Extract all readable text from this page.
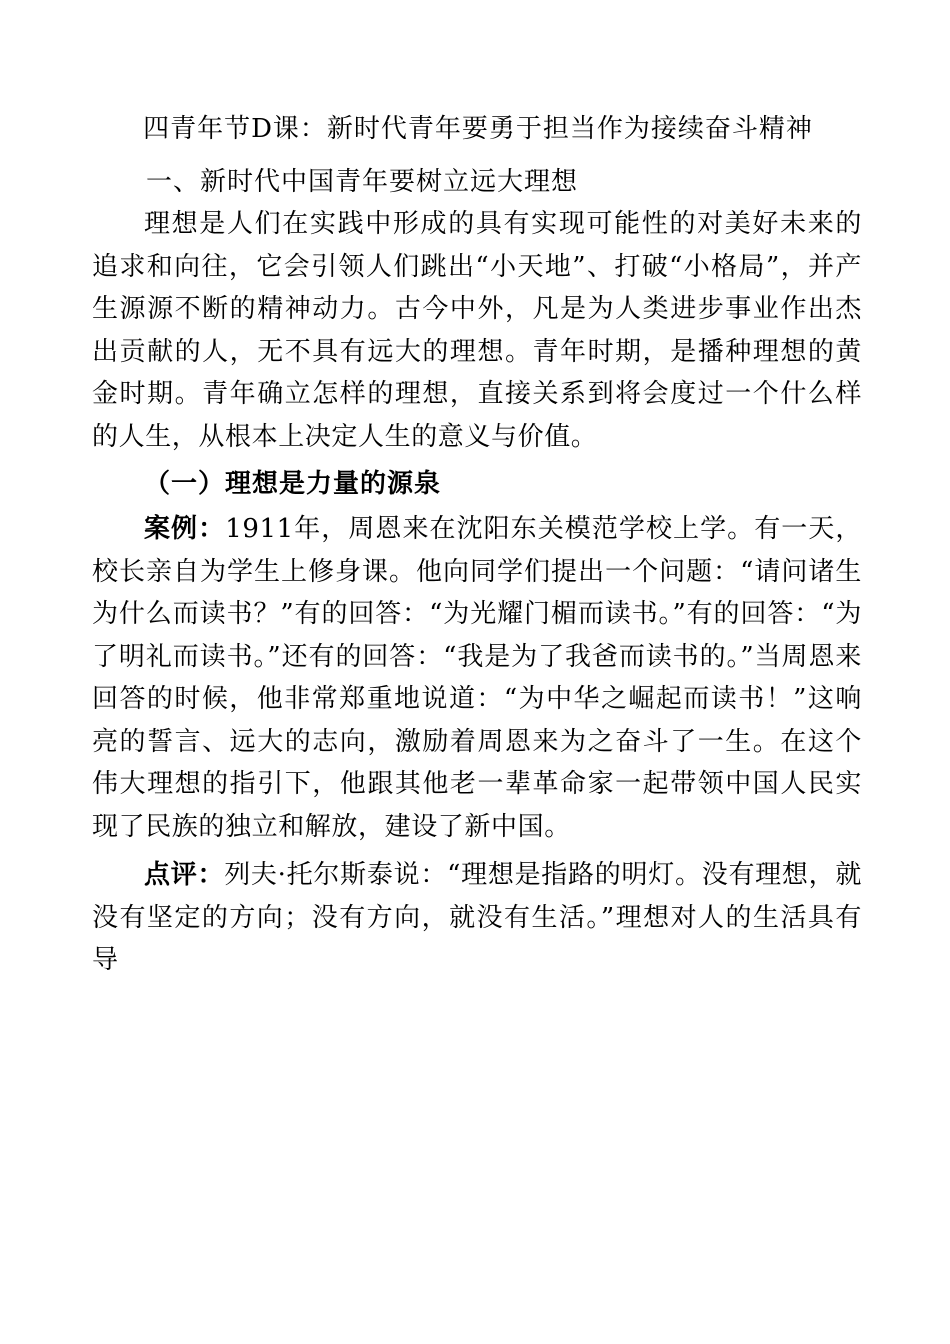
四青年节D课：新时代青年要勇于担当作为接续奋斗精神
一、新时代中国青年要树立远大理想

理想是人们在实践中形成的具有实现可能性的对美好未来的追求和向往，它会引领人们跳出“小天地”、打破“小格局”，并产生源源不断的精神动力。古今中外，凡是为人类进步事业作出杰出贡献的人，无不具有远大的理想。青年时期，是播种理想的黄金时期。青年确立怎样的理想，直接关系到将会度过一个什么样的人生，从根本上决定人生的意义与价值。

（一）理想是力量的源泉

案例：1911年，周恩来在沈阳东关模范学校上学。有一天，校长亲自为学生上修身课。他向同学们提出一个问题：“请问诸生为什么而读书？”有的回答：“为光耀门楣而读书。”有的回答：“为了明礼而读书。”还有的回答：“我是为了我爸而读书的。”当周恩来回答的时候，他非常郑重地说道：“为中华之崛起而读书！”这响亮的誓言、远大的志向，激励着周恩来为之奋斗了一生。在这个伟大理想的指引下，他跟其他老一辈革命家一起带领中国人民实现了民族的独立和解放，建设了新中国。

点评：列夫·托尔斯泰说：“理想是指路的明灯。没有理想，就没有坚定的方向；没有方向，就没有生活。”理想对人的生活具有导
